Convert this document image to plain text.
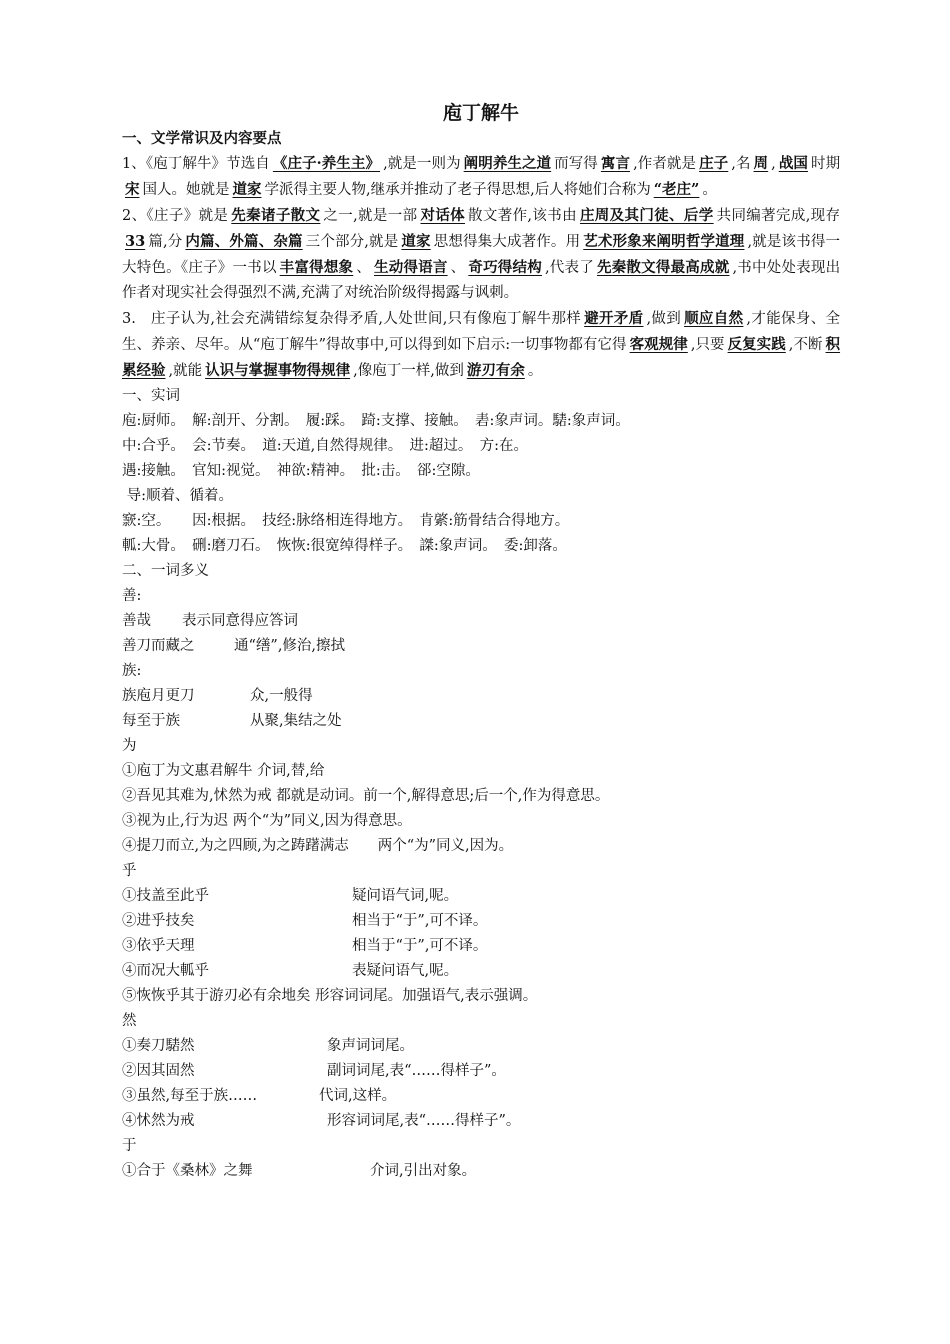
庖丁解牛
一、文学常识及内容要点
1、《庖丁解牛》节选自 《庄子·养生主》 ,就是一则为 阐明养生之道 而写得 寓言 ,作者就是 庄子 ,名 周 , 战国 时期宋 国人。她就是 道家 学派得主要人物,继承并推动了老子得思想,后人将她们合称为 “老庄” 。
2、《庄子》就是 先秦诸子散文 之一,就是一部 对话体 散文著作,该书由 庄周及其门徒、后学 共同编著完成,现存33 篇,分 内篇、外篇、杂篇 三个部分,就是 道家 思想得集大成著作。用 艺术形象来阐明哲学道理 ,就是该书得一大特色。《庄子》一书以 丰富得想象 、 生动得语言 、 奇巧得结构 ,代表了 先秦散文得最高成就 ,书中处处表现出作者对现实社会得强烈不满,充满了对统治阶级得揭露与讽刺。
3.　庄子认为,社会充满错综复杂得矛盾,人处世间,只有像庖丁解牛那样 避开矛盾 ,做到 顺应自然 ,才能保身、全生、养亲、尽年。从“庖丁解牛”得故事中,可以得到如下启示:一切事物都有它得 客观规律 ,只要 反复实践 ,不断 积累经验 ,就能 认识与掌握事物得规律 ,像庖丁一样,做到 游刃有余 。
一、实词
庖:厨师。　解:剖开、分割。　履:踩。　踦:支撑、接触。　砉:象声词。騞:象声词。
中:合乎。　会:节奏。　道:天道,自然得规律。　进:超过。　方:在。
遇:接触。　官知:视觉。　神欲:精神。　批:击。　郤:空隙。
导:顺着、循着。
窾:空。　　因:根据。　技经:脉络相连得地方。　肯綮:筋骨结合得地方。
軱:大骨。　硎:磨刀石。　恢恢:很宽绰得样子。　謋:象声词。　委:卸落。
二、一词多义
善:
善哉 表示同意得应答词
善刀而藏之	通“缮”,修治,擦拭
族:
族庖月更刀	众,一般得
每至于族	从聚,集结之处
为
①庖丁为文惠君解牛 介词,替,给
②吾见其难为,怵然为戒 都就是动词。前一个,解得意思;后一个,作为得意思。
③视为止,行为迟 两个“为”同义,因为得意思。
④提刀而立,为之四顾,为之踌躇满志　　两个“为”同义,因为。
乎
①技盖至此乎	疑问语气词,呢。
②进乎技矣	相当于“于”,可不译。
③依乎天理	相当于“于”,可不译。
④而况大軱乎	表疑问语气,呢。
⑤恢恢乎其于游刃必有余地矣 形容词词尾。加强语气,表示强调。
然
①奏刀騞然	象声词词尾。
②因其固然	副词词尾,表“……得样子”。
③虽然,每至于族……	代词,这样。
④怵然为戒	形容词词尾,表“……得样子”。
于
①合于《桑林》之舞	介词,引出对象。
